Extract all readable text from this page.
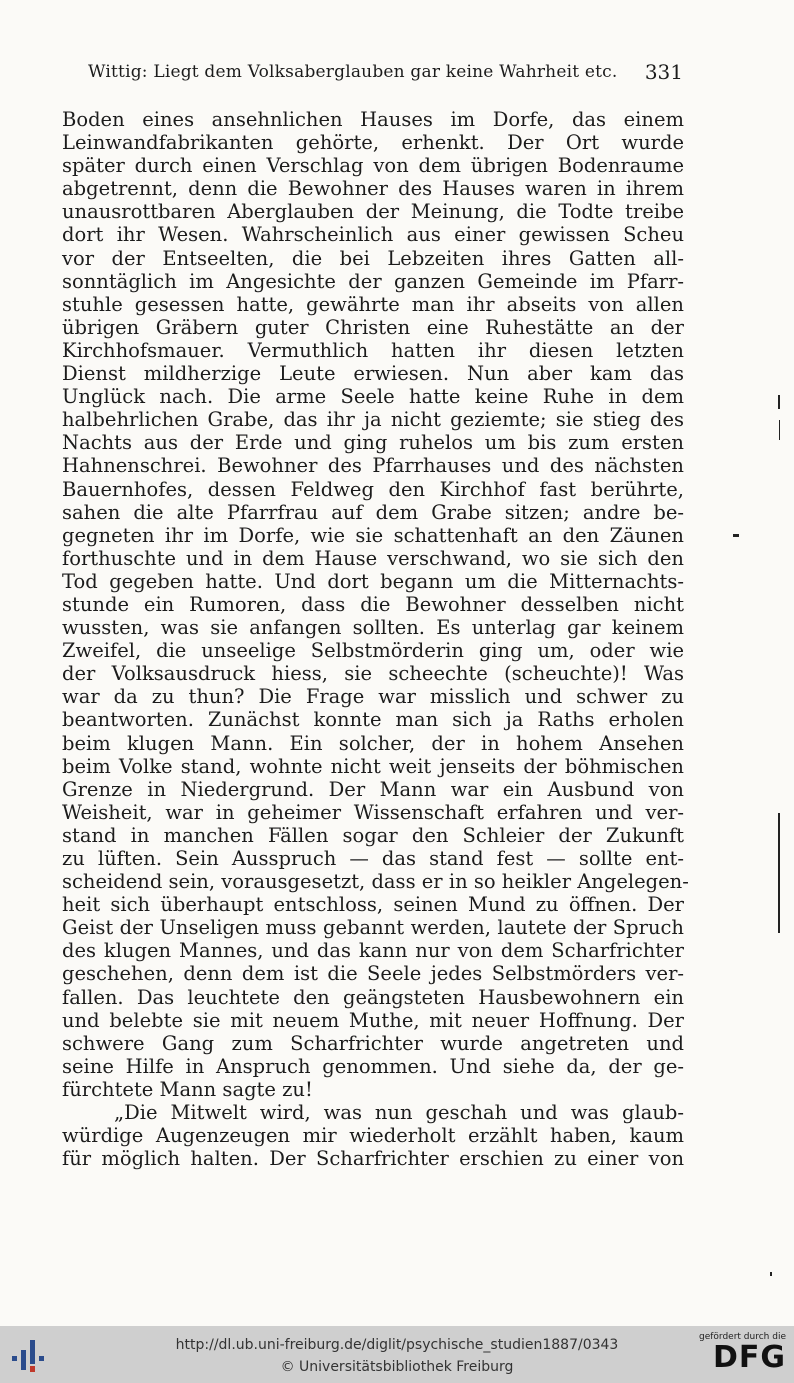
Wittig: Liegt dem Volksaberglauben gar keine Wahrheit etc. 331
Boden eines ansehnlichen Hauses im Dorfe, das einem
Leinwandfabrikanten gehörte, erhenkt. Der Ort wurde
später durch einen Verschlag von dem übrigen Bodenraume
abgetrennt, denn die Bewohner des Hauses waren in ihrem
unausrottbaren Aberglauben der Meinung, die Todte treibe
dort ihr Wesen. Wahrscheinlich aus einer gewissen Scheu
vor der Entseelten, die bei Lebzeiten ihres Gatten all-
sonntäglich im Angesichte der ganzen Gemeinde im Pfarr-
stuhle gesessen hatte, gewährte man ihr abseits von allen
übrigen Gräbern guter Christen eine Ruhestätte an der
Kirchhofsmauer. Vermuthlich hatten ihr diesen letzten
Dienst mildherzige Leute erwiesen. Nun aber kam das
Unglück nach. Die arme Seele hatte keine Ruhe in dem
halbehrlichen Grabe, das ihr ja nicht geziemte; sie stieg des
Nachts aus der Erde und ging ruhelos um bis zum ersten
Hahnenschrei. Bewohner des Pfarrhauses und des nächsten
Bauernhofes, dessen Feldweg den Kirchhof fast berührte,
sahen die alte Pfarrfrau auf dem Grabe sitzen; andre be-
gegneten ihr im Dorfe, wie sie schattenhaft an den Zäunen
forthuschte und in dem Hause verschwand, wo sie sich den
Tod gegeben hatte. Und dort begann um die Mitternachts-
stunde ein Rumoren, dass die Bewohner desselben nicht
wussten, was sie anfangen sollten. Es unterlag gar keinem
Zweifel, die unseelige Selbstmörderin ging um, oder wie
der Volksausdruck hiess, sie scheechte (scheuchte)! Was
war da zu thun? Die Frage war misslich und schwer zu
beantworten. Zunächst konnte man sich ja Raths erholen
beim klugen Mann. Ein solcher, der in hohem Ansehen
beim Volke stand, wohnte nicht weit jenseits der böhmischen
Grenze in Niedergrund. Der Mann war ein Ausbund von
Weisheit, war in geheimer Wissenschaft erfahren und ver-
stand in manchen Fällen sogar den Schleier der Zukunft
zu lüften. Sein Ausspruch — das stand fest — sollte ent-
scheidend sein, vorausgesetzt, dass er in so heikler Angelegen-
heit sich überhaupt entschloss, seinen Mund zu öffnen. Der
Geist der Unseligen muss gebannt werden, lautete der Spruch
des klugen Mannes, und das kann nur von dem Scharfrichter
geschehen, denn dem ist die Seele jedes Selbstmörders ver-
fallen. Das leuchtete den geängsteten Hausbewohnern ein
und belebte sie mit neuem Muthe, mit neuer Hoffnung. Der
schwere Gang zum Scharfrichter wurde angetreten und
seine Hilfe in Anspruch genommen. Und siehe da, der ge-
fürchtete Mann sagte zu!
„Die Mitwelt wird, was nun geschah und was glaub-
würdige Augenzeugen mir wiederholt erzählt haben, kaum
für möglich halten. Der Scharfrichter erschien zu einer von
http://dl.ub.uni-freiburg.de/diglit/psychische_studien1887/0343
© Universitätsbibliothek Freiburg
gefördert durch die
DFG
